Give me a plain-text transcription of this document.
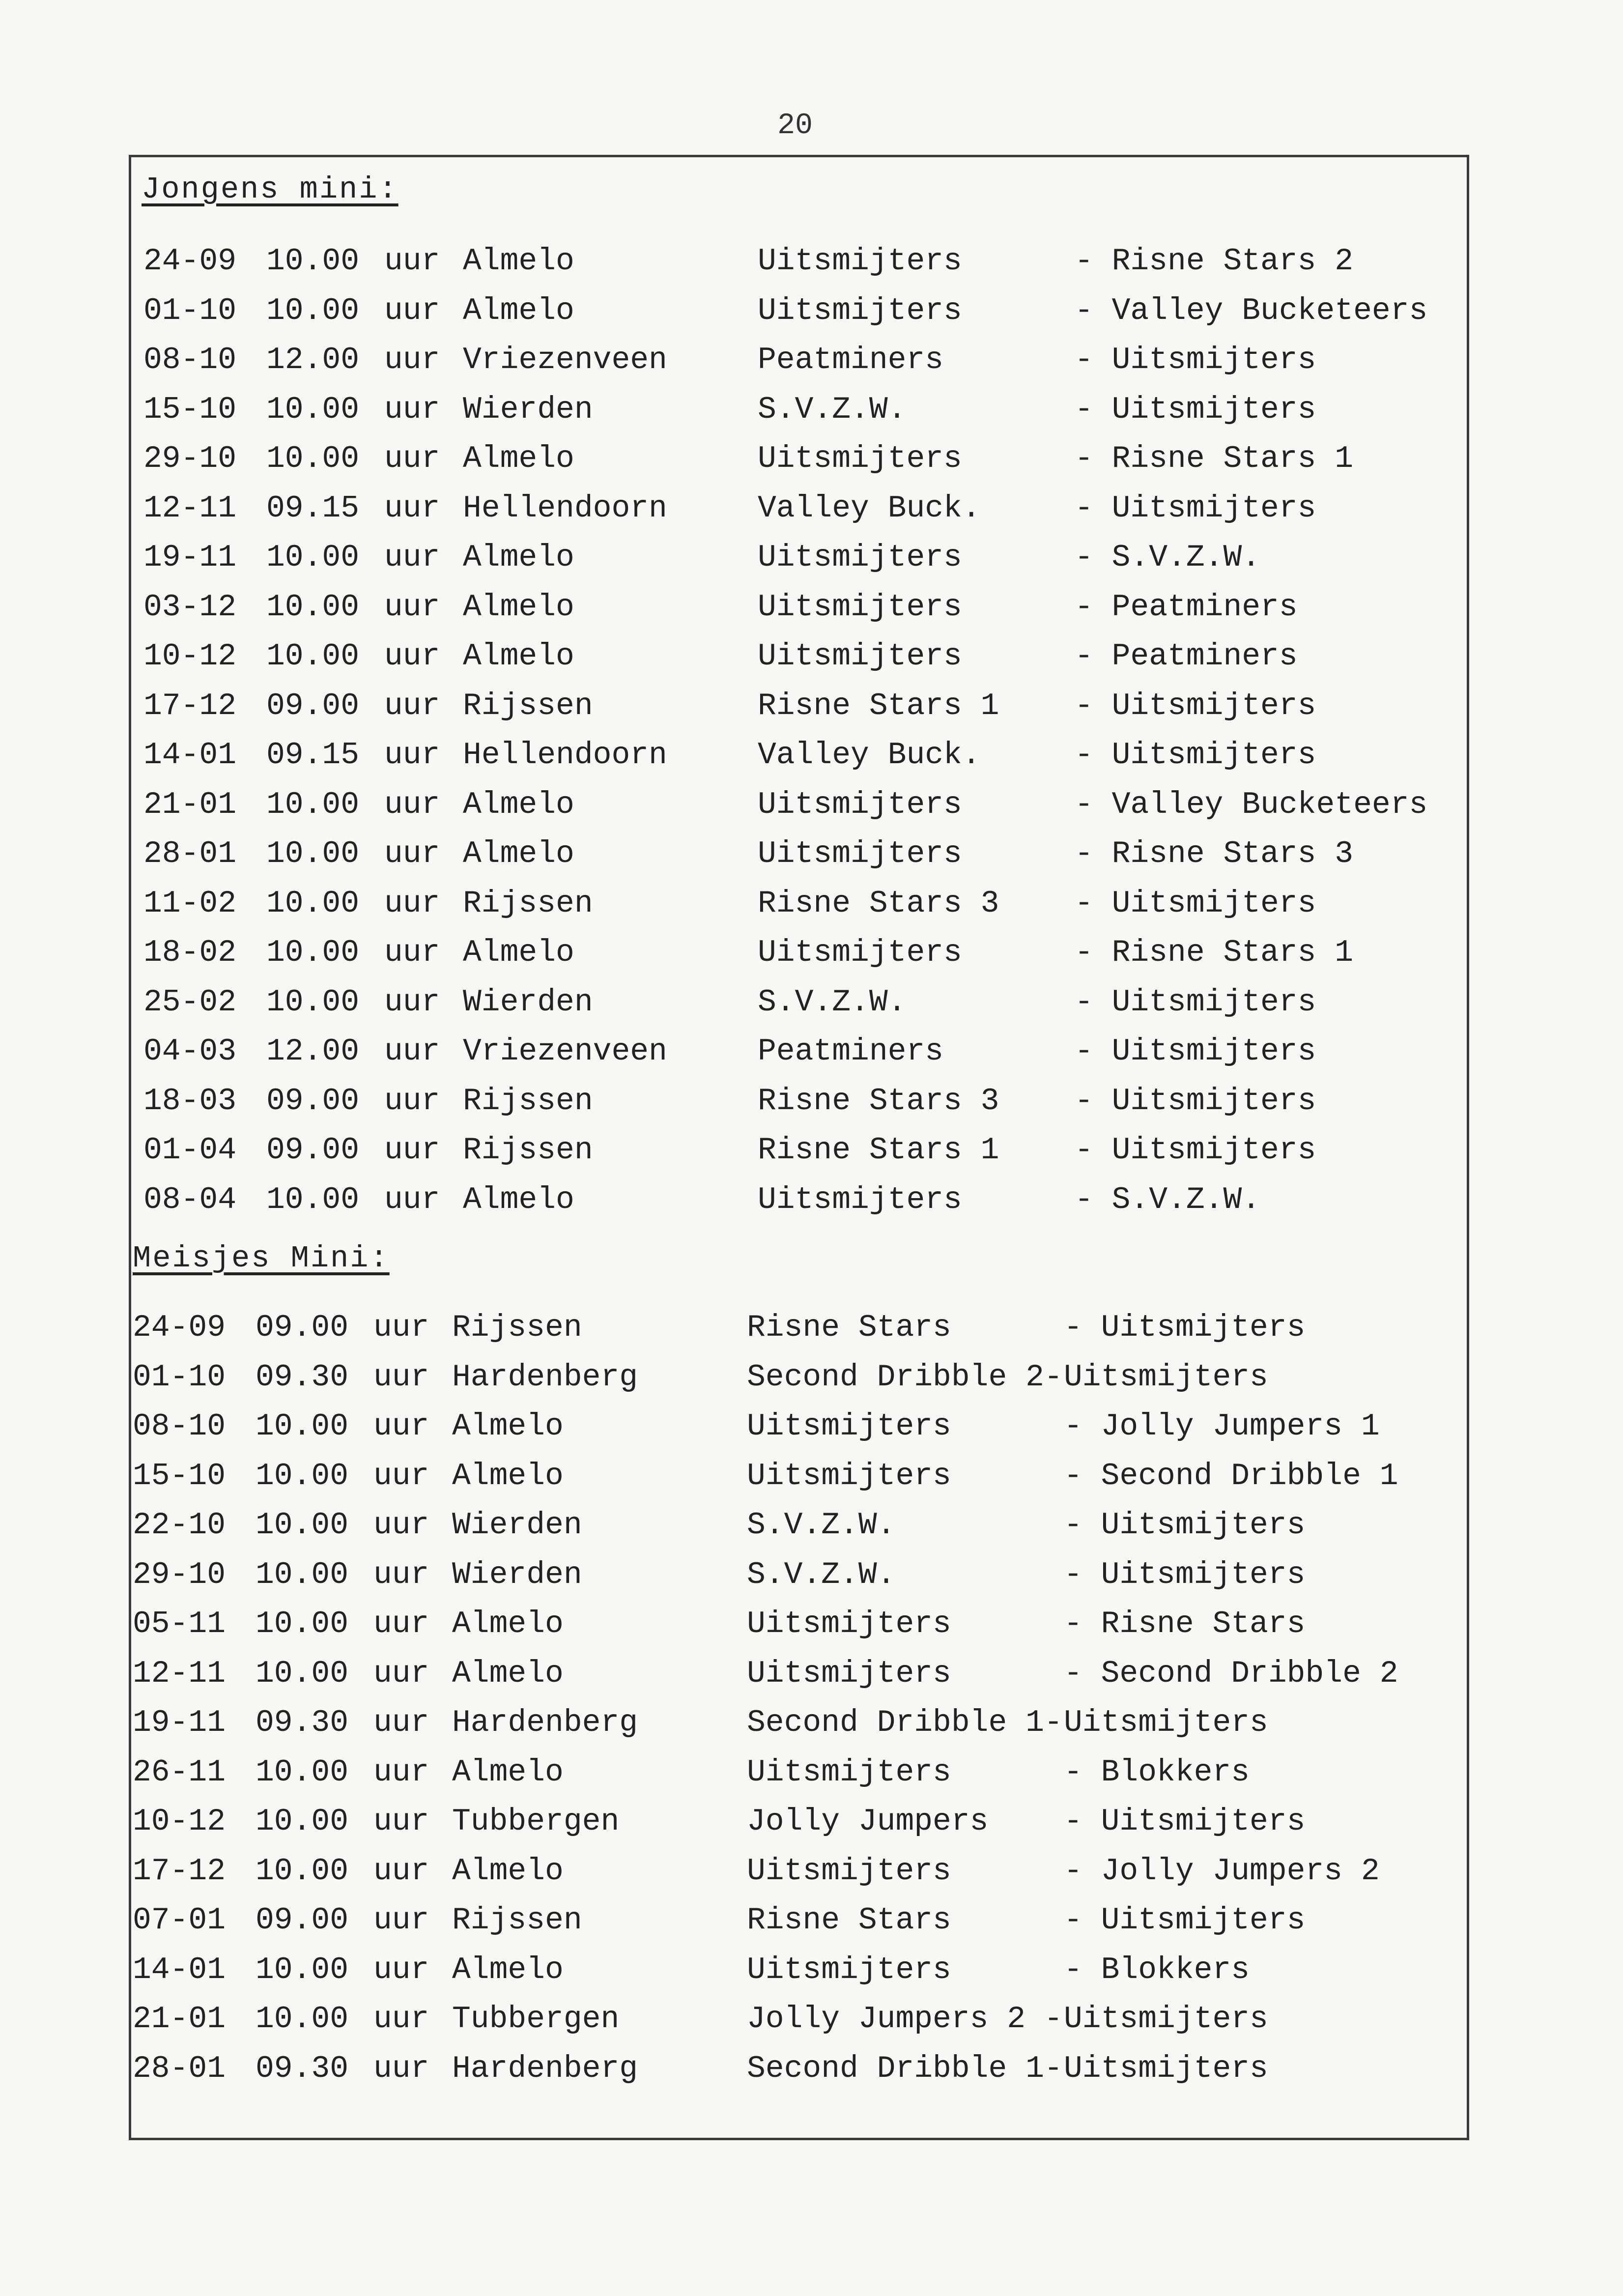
20
Jongens mini:
24-09 10.00 uur Almelo	Uitsmijters	- Risne Stars 2
01-10 10.00 uur Almelo	Uitsmijters	- Valley Bucketeers
08-10 12.00 uur Vriezenveen	Peatminers	- Uitsmijters
15-10 10.00 uur Wierden	S.V.Z.W.	- Uitsmijters
29-10 10.00 uur Almelo	Uitsmijters	- Risne Stars 1
12-11 09.15 uur Hellendoorn	Valley Buck.	- Uitsmijters
19-11 10.00 uur Almelo	Uitsmijters	- S.V.Z.W.
03-12 10.00 uur Almelo	Uitsmijters	- Peatminers
10-12 10.00 uur Almelo	Uitsmijters	- Peatminers
17-12 09.00 uur Rijssen	Risne Stars 1 - Uitsmijters
14-01 09.15 uur Hellendoorn	Valley Buck.	- Uitsmijters
21-01 10.00 uur Almelo	Uitsmijters	- Valley Bucketeers
28-01 10.00 uur Almelo	Uitsmijters	- Risne Stars 3
11-02 10.00 uur Rijssen	Risne Stars 3 - Uitsmijters
18-02 10.00 uur Almelo	Uitsmijters	- Risne Stars 1
25-02 10.00 uur Wierden	S.V.Z.W.	- Uitsmijters
04-03 12.00 uur Vriezenveen	Peatminers	- Uitsmijters
18-03 09.00 uur Rijssen	Risne Stars 3 - Uitsmijters
01-04 09.00 uur Rijssen	Risne Stars 1 - Uitsmijters
08-04 10.00 uur Almelo	Uitsmijters	- S.V.Z.W.
Meisjes Mini:
24-09 09.00 uur Rijssen	Risne Stars	- Uitsmijters
01-10 09.30 uur Hardenberg	Second Dribble 2- Uitsmijters
08-10 10.00 uur Almelo	Uitsmijters	- Jolly Jumpers 1
15-10 10.00 uur Almelo	Uitsmijters	- Second Dribble 1
22-10 10.00 uur Wierden	S.V.Z.W.	- Uitsmijters
29-10 10.00 uur Wierden	S.V.Z.W.	- Uitsmijters
05-11 10.00 uur Almelo	Uitsmijters	- Risne Stars
12-11 10.00 uur Almelo	Uitsmijters	- Second Dribble 2
19-11 09.30 uur Hardenberg	Second Dribble 1- Uitsmijters
26-11 10.00 uur Almelo	Uitsmijters	- Blokkers
10-12 10.00 uur Tubbergen	Jolly Jumpers - Uitsmijters
17-12 10.00 uur Almelo	Uitsmijters	- Jolly Jumpers 2
07-01 09.00 uur Rijssen	Risne Stars	- Uitsmijters
14-01 10.00 uur Almelo	Uitsmijters	- Blokkers
21-01 10.00 uur Tubbergen	Jolly Jumpers 2 - Uitsmijters
28-01 09.30 uur Hardenberg	Second Dribble 1- Uitsmijters
